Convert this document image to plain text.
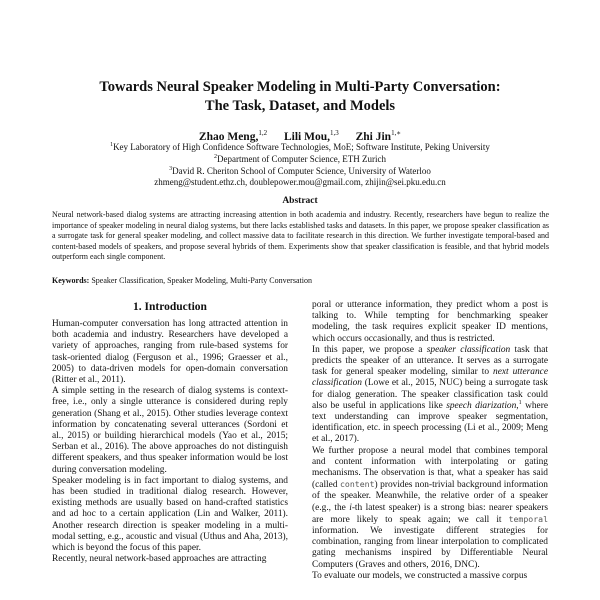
Towards Neural Speaker Modeling in Multi-Party Conversation:
The Task, Dataset, and Models
Zhao Meng,$^{1,2}$ Lili Mou,$^{1,3}$ Zhi Jin$^{1,∗}$
$^1$Key Laboratory of High Confidence Software Technologies, MoE; Software Institute, Peking University
$^2$Department of Computer Science, ETH Zurich
$^3$David R. Cheriton School of Computer Science, University of Waterloo
zhmeng@student.ethz.ch, doublepower.mou@gmail.com, zhijin@sei.pku.edu.cn
Abstract
Neural network-based dialog systems are attracting increasing attention in both academia and industry. Recently, researchers have begun to realize the importance of speaker modeling in neural dialog systems, but there lacks established tasks and datasets. In this paper, we propose speaker classification as a surrogate task for general speaker modeling, and collect massive data to facilitate research in this direction. We further investigate temporal-based and content-based models of speakers, and propose several hybrids of them. Experiments show that speaker classification is feasible, and that hybrid models outperform each single component.
Keywords: Speaker Classification, Speaker Modeling, Multi-Party Conversation
1. Introduction

Human-computer conversation has long attracted attention in both academia and industry. Researchers have developed a variety of approaches, ranging from rule-based systems for task-oriented dialog (Ferguson et al., 1996; Graesser et al., 2005) to data-driven models for open-domain conversation (Ritter et al., 2011).

A simple setting in the research of dialog systems is context-free, i.e., only a single utterance is considered during reply generation (Shang et al., 2015). Other studies leverage context information by concatenating several utterances (Sordoni et al., 2015) or building hierarchical models (Yao et al., 2015; Serban et al., 2016). The above approaches do not distinguish different speakers, and thus speaker information would be lost during conversation modeling.

Speaker modeling is in fact important to dialog systems, and has been studied in traditional dialog research. However, existing methods are usually based on hand-crafted statistics and ad hoc to a certain application (Lin and Walker, 2011). Another research direction is speaker modeling in a multi-modal setting, e.g., acoustic and visual (Uthus and Aha, 2013), which is beyond the focus of this paper.

Recently, neural network-based approaches are attracting

poral or utterance information, they predict whom a post is talking to. While tempting for benchmarking speaker modeling, the task requires explicit speaker ID mentions, which occurs occasionally, and thus is restricted.

In this paper, we propose a speaker classification task that predicts the speaker of an utterance. It serves as a surrogate task for general speaker modeling, similar to next utterance classification (Lowe et al., 2015, NUC) being a surrogate task for dialog generation. The speaker classification task could also be useful in applications like speech diarization,$^1$ where text understanding can improve speaker segmentation, identification, etc. in speech processing (Li et al., 2009; Meng et al., 2017).

We further propose a neural model that combines temporal and content information with interpolating or gating mechanisms. The observation is that, what a speaker has said (called content) provides non-trivial background information of the speaker. Meanwhile, the relative order of a speaker (e.g., the i-th latest speaker) is a strong bias: nearer speakers are more likely to speak again; we call it temporal information. We investigate different strategies for combination, ranging from linear interpolation to complicated gating mechanisms inspired by Differentiable Neural Computers (Graves and others, 2016, DNC).

To evaluate our models, we constructed a massive corpus
